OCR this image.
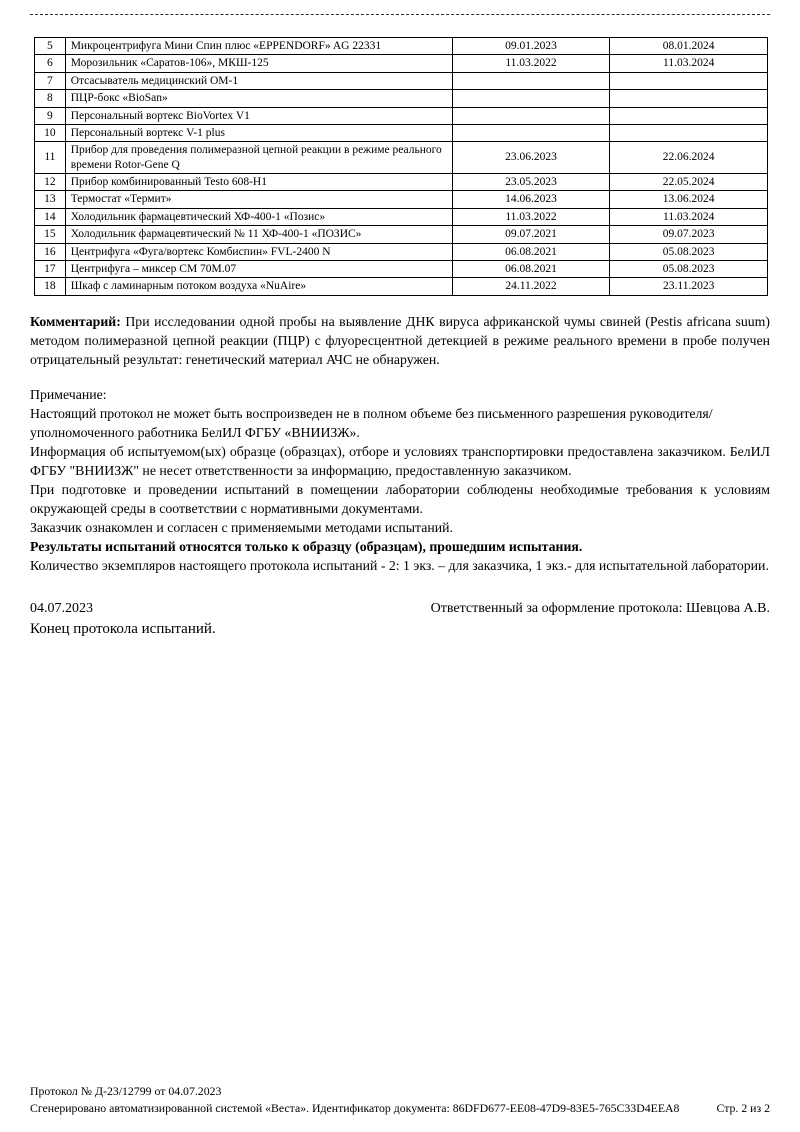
5	Микроцентрифуга Мини Спин плюс «EPPENDORF» AG 22331	09.01.2023	08.01.2024
6	Морозильник «Саратов-106», МКШ-125	11.03.2022	11.03.2024
7	Отсасыватель медицинский ОМ-1		
8	ПЦР-бокс «BioSan»		
9	Персональный вортекс BioVortex V1		
10	Персональный вортекс V-1 plus		
11	Прибор для проведения полимеразной цепной реакции в режиме реального времени Rotor-Gene Q	23.06.2023	22.06.2024
12	Прибор комбинированный Testo 608-Н1	23.05.2023	22.05.2024
13	Термостат «Термит»	14.06.2023	13.06.2024
14	Холодильник фармацевтический ХФ-400-1 «Позис»	11.03.2022	11.03.2024
15	Холодильник фармацевтический № 11 ХФ-400-1 «ПОЗИС»	09.07.2021	09.07.2023
16	Центрифуга «Фуга/вортекс Комбиспин» FVL-2400 N	06.08.2021	05.08.2023
17	Центрифуга – миксер СМ 70М.07	06.08.2021	05.08.2023
18	Шкаф с ламинарным потоком воздуха «NuAire»	24.11.2022	23.11.2023
Комментарий: При исследовании одной пробы на выявление ДНК вируса африканской чумы свиней (Pestis africana suum) методом полимеразной цепной реакции (ПЦР) с флуоресцентной детекцией в режиме реального времени в пробе получен отрицательный результат: генетический материал АЧС не обнаружен.
Примечание:
Настоящий протокол не может быть воспроизведен не в полном объеме без письменного разрешения руководителя/уполномоченного работника БелИЛ ФГБУ «ВНИИЗЖ».
Информация об испытуемом(ых) образце (образцах), отборе и условиях транспортировки предоставлена заказчиком. БелИЛ ФГБУ "ВНИИЗЖ" не несет ответственности за информацию, предоставленную заказчиком.
При подготовке и проведении испытаний в помещении лаборатории соблюдены необходимые требования к условиям окружающей среды в соответствии с нормативными документами.
Заказчик ознакомлен и согласен с применяемыми методами испытаний.
Результаты испытаний относятся только к образцу (образцам), прошедшим испытания.
Количество экземпляров настоящего протокола испытаний - 2: 1 экз. – для заказчика, 1 экз.- для испытательной лаборатории.
04.07.2023	Ответственный за оформление протокола: Шевцова А.В.
Конец протокола испытаний.
Протокол № Д-23/12799 от 04.07.2023
Сгенерировано автоматизированной системой «Веста». Идентификатор документа: 86DFD677-EE08-47D9-83E5-765C33D4EEA8	Стр. 2 из 2
